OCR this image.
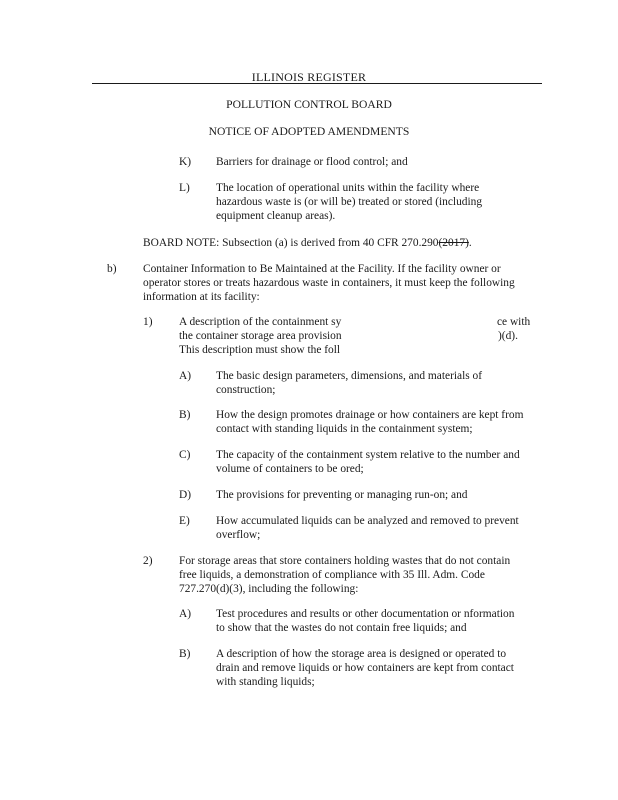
ILLINOIS REGISTER
POLLUTION CONTROL BOARD
NOTICE OF ADOPTED AMENDMENTS
K) Barriers for drainage or flood control; and
L) The location of operational units within the facility where
hazardous waste is (or will be) treated or stored (including
equipment cleanup areas).
BOARD NOTE: Subsection (a) is derived from 40 CFR 270.290(2017).
b) Container Information to Be Maintained at the Facility. If the facility owner or
operator stores or treats hazardous waste in containers, it must keep the following
information at its facility:
1) A description of the containment sy	ce with
the container storage area provision	)(d).
This description must show the foll
A) The basic design parameters, dimensions, and materials of
construction;
B) How the design promotes drainage or how containers are kept from
contact with standing liquids in the containment system;
C) The capacity of the containment system relative to the number and
volume of containers to be ored;
D) The provisions for preventing or managing run-on; and
E) How accumulated liquids can be analyzed and removed to prevent
overflow;
2) For storage areas that store containers holding wastes that do not contain
free liquids, a demonstration of compliance with 35 Ill. Adm. Code
727.270(d)(3), including the following:
A) Test procedures and results or other documentation or nformation
to show that the wastes do not contain free liquids; and
B) A description of how the storage area is designed or operated to
drain and remove liquids or how containers are kept from contact
with standing liquids;
